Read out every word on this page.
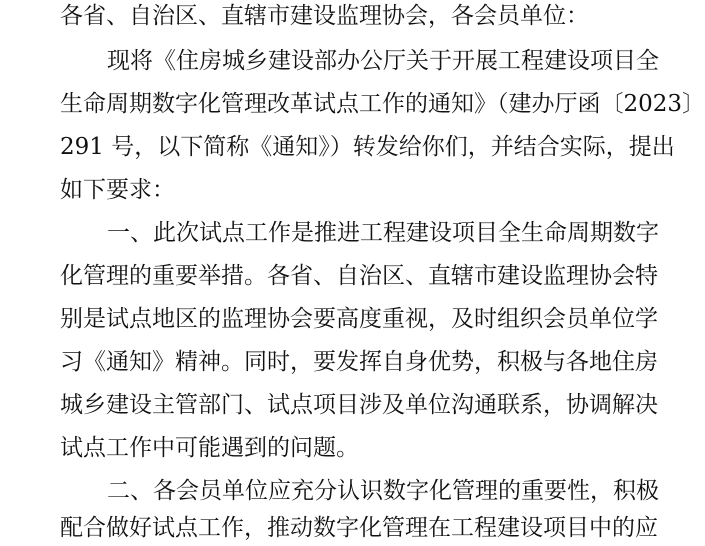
各省、自治区、直辖市建设监理协会，各会员单位：
现将《住房城乡建设部办公厅关于开展工程建设项目全
生命周期数字化管理改革试点工作的通知》（建办厅函〔2023〕
291 号，以下简称《通知》）转发给你们，并结合实际，提出
如下要求：
一、此次试点工作是推进工程建设项目全生命周期数字
化管理的重要举措。各省、自治区、直辖市建设监理协会特
别是试点地区的监理协会要高度重视，及时组织会员单位学
习《通知》精神。同时，要发挥自身优势，积极与各地住房
城乡建设主管部门、试点项目涉及单位沟通联系，协调解决
试点工作中可能遇到的问题。
二、各会员单位应充分认识数字化管理的重要性，积极
配合做好试点工作，推动数字化管理在工程建设项目中的应
